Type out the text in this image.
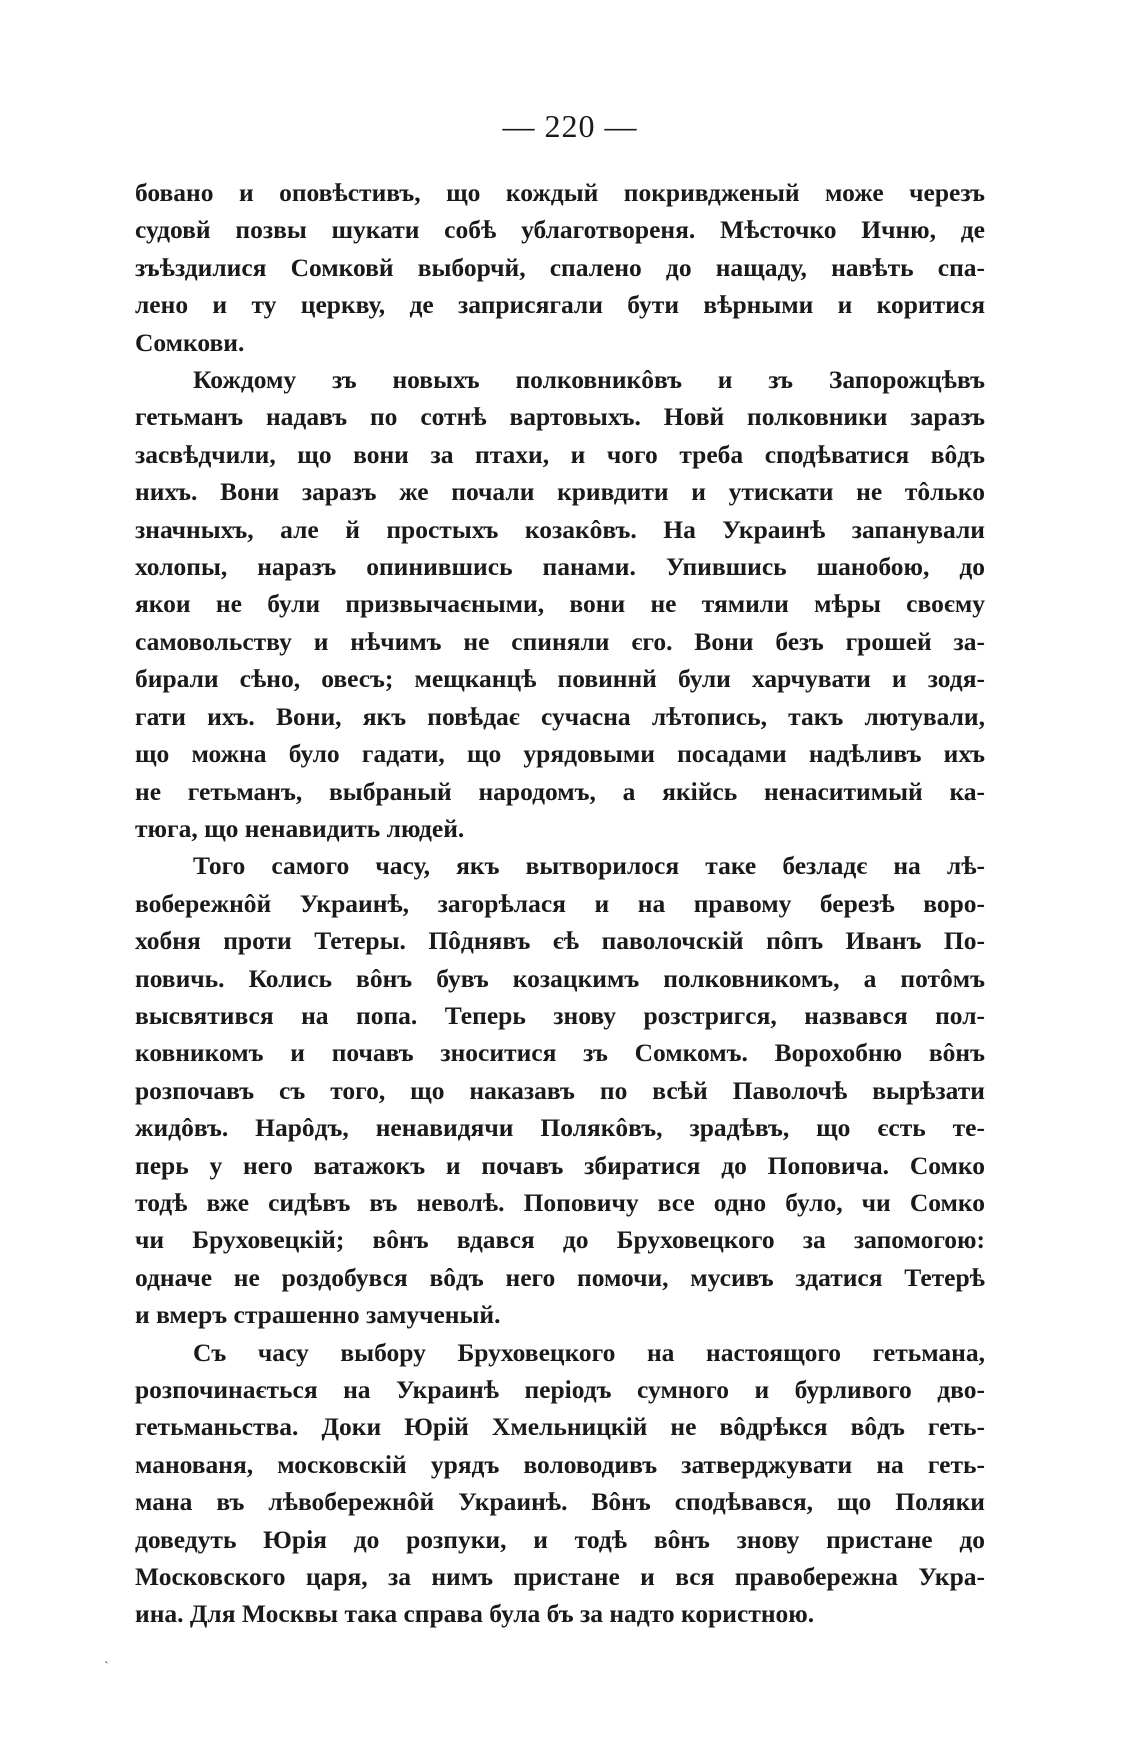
— 220 —
бовано и оповѣстивъ, що кождый покривдженый може черезъ
судовй позвы шукати собѣ ублаготвореня. Мѣсточко Ичню, де
зъѣздилися Сомковй выборчй, спалено до нащаду, навѣть спа-
лено и ту церкву, де заприсягали бути вѣрными и коритися
Сомкови.
Кождому зъ новыхъ полковникôвъ и зъ Запорожцѣвъ
гетьманъ надавъ по сотнѣ вартовыхъ. Новй полковники заразъ
засвѣдчили, що вони за птахи, и чого треба сподѣватися вôдъ
нихъ. Вони заразъ же почали кривдити и утискати не тôлько
значныхъ, але й простыхъ козакôвъ. На Украинѣ запанували
холопы, наразъ опинившись панами. Упившись шанобою, до
якои не були призвычаєными, вони не тямили мѣры своєму
самовольству и нѣчимъ не спиняли єго. Вони безъ грошей за-
бирали сѣно, овесъ; мещканцѣ повиннй були харчувати и зодя-
гати ихъ. Вони, якъ повѣдає сучасна лѣтопись, такъ лютували,
що можна було гадати, що урядовыми посадами надѣливъ ихъ
не гетьманъ, выбраный народомъ, а якійсь ненаситимый ка-
тюга, що ненавидить людей.
Того самого часу, якъ вытворилося таке безладє на лѣ-
вобережнôй Украинѣ, загорѣлася и на правому березѣ воро-
хобня проти Тетеры. Пôднявъ єѣ паволочскій пôпъ Иванъ По-
повичь. Колись вôнъ бувъ козацкимъ полковникомъ, а потôмъ
высвятився на попа. Теперь знову розстригся, назвався пол-
ковникомъ и почавъ зноситися зъ Сомкомъ. Ворохобню вôнъ
розпочавъ съ того, що наказавъ по всѣй Паволочѣ вырѣзати
жидôвъ. Нарôдъ, ненавидячи Полякôвъ, зрадѣвъ, що єсть те-
перь у него ватажокъ и почавъ збиратися до Поповича. Сомко
тодѣ вже сидѣвъ въ неволѣ. Поповичу все одно було, чи Сомко
чи Бруховецкій; вôнъ вдався до Бруховецкого за запомогою:
одначе не роздобувся вôдъ него помочи, мусивъ здатися Тетерѣ
и вмеръ страшенно замученый.
Съ часу выбору Бруховецкого на настоящого гетьмана,
розпочинається на Украинѣ періодъ сумного и бурливого дво-
гетьманьства. Доки Юрій Хмельницкій не вôдрѣкся вôдъ геть-
манованя, московскій урядъ воловодивъ затверджувати на геть-
мана въ лѣвобережнôй Украинѣ. Вôнъ сподѣвався, що Поляки
доведуть Юрія до розпуки, и тодѣ вôнъ знову пристане до
Московского царя, за нимъ пристане и вся правобережна Укра-
ина. Для Москвы така справа була бъ за надто користною.
`
